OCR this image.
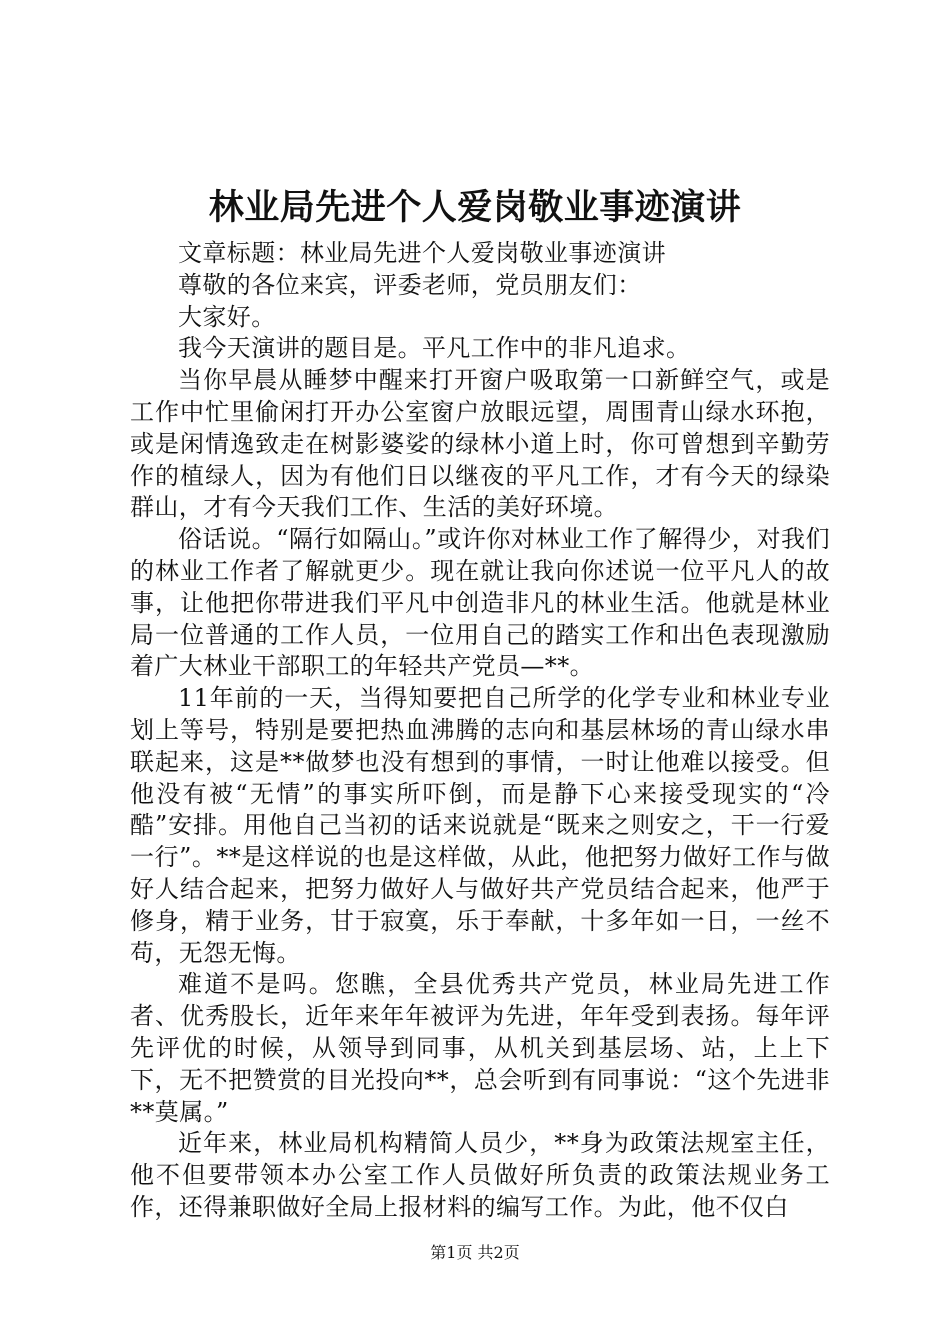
林业局先进个人爱岗敬业事迹演讲

文章标题：林业局先进个人爱岗敬业事迹演讲

尊敬的各位来宾，评委老师，党员朋友们：

大家好。

我今天演讲的题目是。平凡工作中的非凡追求。

当你早晨从睡梦中醒来打开窗户吸取第一口新鲜空气，或是工作中忙里偷闲打开办公室窗户放眼远望，周围青山绿水环抱，或是闲情逸致走在树影婆娑的绿林小道上时，你可曾想到辛勤劳作的植绿人，因为有他们日以继夜的平凡工作，才有今天的绿染群山，才有今天我们工作、生活的美好环境。

俗话说。“隔行如隔山。”或许你对林业工作了解得少，对我们的林业工作者了解就更少。现在就让我向你述说一位平凡人的故事，让他把你带进我们平凡中创造非凡的林业生活。他就是林业局一位普通的工作人员，一位用自己的踏实工作和出色表现激励着广大林业干部职工的年轻共产党员—**。

11年前的一天，当得知要把自己所学的化学专业和林业专业划上等号，特别是要把热血沸腾的志向和基层林场的青山绿水串联起来，这是**做梦也没有想到的事情，一时让他难以接受。但他没有被“无情”的事实所吓倒，而是静下心来接受现实的“冷酷”安排。用他自己当初的话来说就是“既来之则安之，干一行爱一行”。**是这样说的也是这样做，从此，他把努力做好工作与做好人结合起来，把努力做好人与做好共产党员结合起来，他严于修身，精于业务，甘于寂寞，乐于奉献，十多年如一日，一丝不苟，无怨无悔。

难道不是吗。您瞧，全县优秀共产党员，林业局先进工作者、优秀股长，近年来年年被评为先进，年年受到表扬。每年评先评优的时候，从领导到同事，从机关到基层场、站，上上下下，无不把赞赏的目光投向**，总会听到有同事说：“这个先进非**莫属。”

近年来，林业局机构精简人员少，**身为政策法规室主任，他不但要带领本办公室工作人员做好所负责的政策法规业务工作，还得兼职做好全局上报材料的编写工作。为此，他不仅白

第1页 共2页
